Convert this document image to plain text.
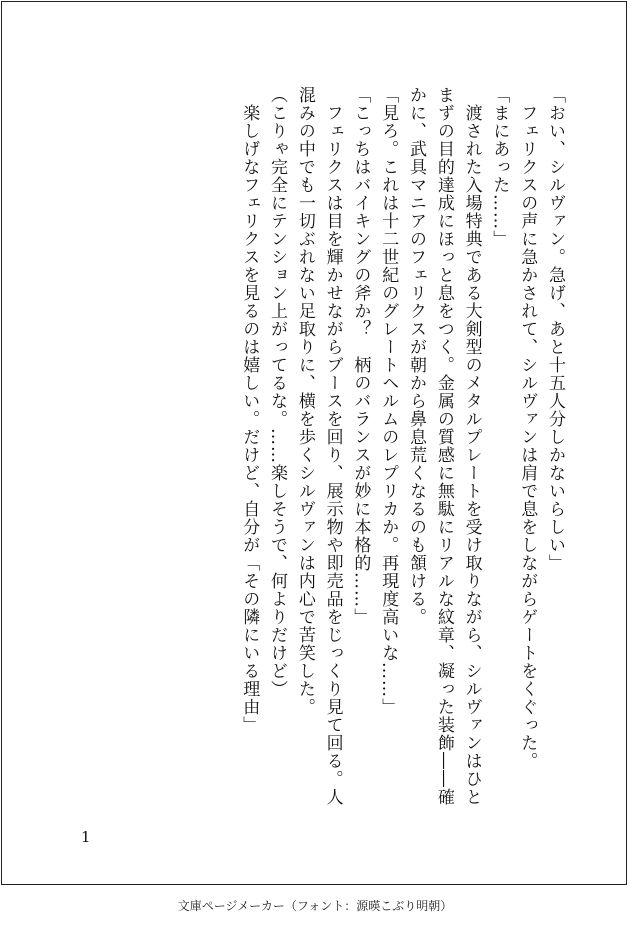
「おい、シルヴァン。急げ、あと十五人分しかないらしい」

　フェリクスの声に急かされて、シルヴァンは肩で息をしながらゲートをくぐった。

「まにあった……」

　渡された入場特典である大剣型のメタルプレートを受け取りながら、シルヴァンはひとまずの目的達成にほっと息をつく。金属の質感に無駄にリアルな紋章、凝った装飾――確かに、武具マニアのフェリクスが朝から鼻息荒くなるのも頷ける。

「見ろ。これは十二世紀のグレートヘルムのレプリカか。再現度高いな……」

「こっちはバイキングの斧か？　柄のバランスが妙に本格的……」

　フェリクスは目を輝かせながらブースを回り、展示物や即売品をじっくり見て回る。人混みの中でも一切ぶれない足取りに、横を歩くシルヴァンは内心で苦笑した。

（こりゃ完全にテンション上がってるな。……楽しそうで、何よりだけど）

　楽しげなフェリクスを見るのは嬉しい。だけど、自分が「その隣にいる理由」

1
文庫ページメーカー（フォント：源暎こぶり明朝）
